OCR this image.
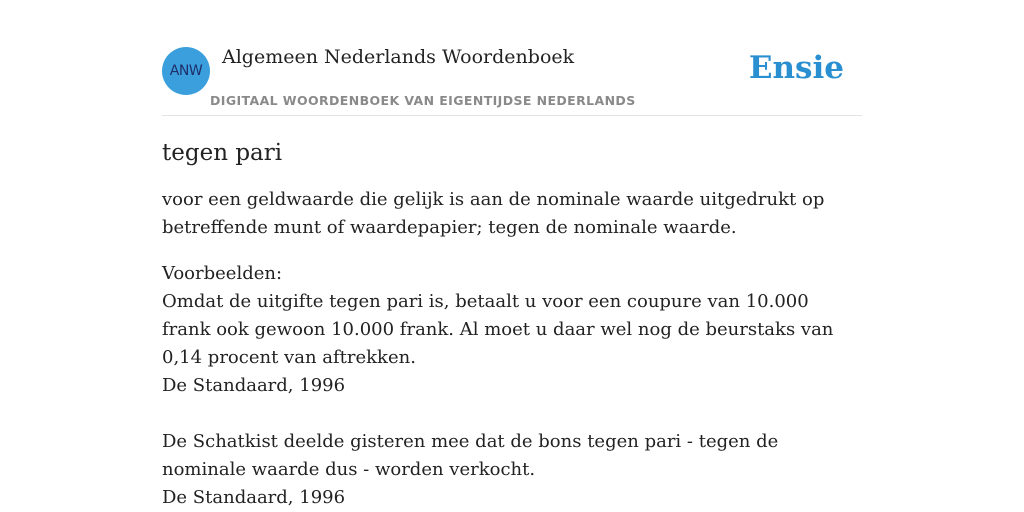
ANW
Algemeen Nederlands Woordenboek
DIGITAAL WOORDENBOEK VAN EIGENTIJDSE NEDERLANDS
Ensie
tegen pari

voor een geldwaarde die gelijk is aan de nominale waarde uitgedrukt op betreffende munt of waardepapier; tegen de nominale waarde.

Voorbeelden:
Omdat de uitgifte tegen pari is, betaalt u voor een coupure van 10.000 frank ook gewoon 10.000 frank. Al moet u daar wel nog de beurstaks van 0,14 procent van aftrekken.
De Standaard, 1996
De Schatkist deelde gisteren mee dat de bons tegen pari - tegen de nominale waarde dus - worden verkocht.
De Standaard, 1996
